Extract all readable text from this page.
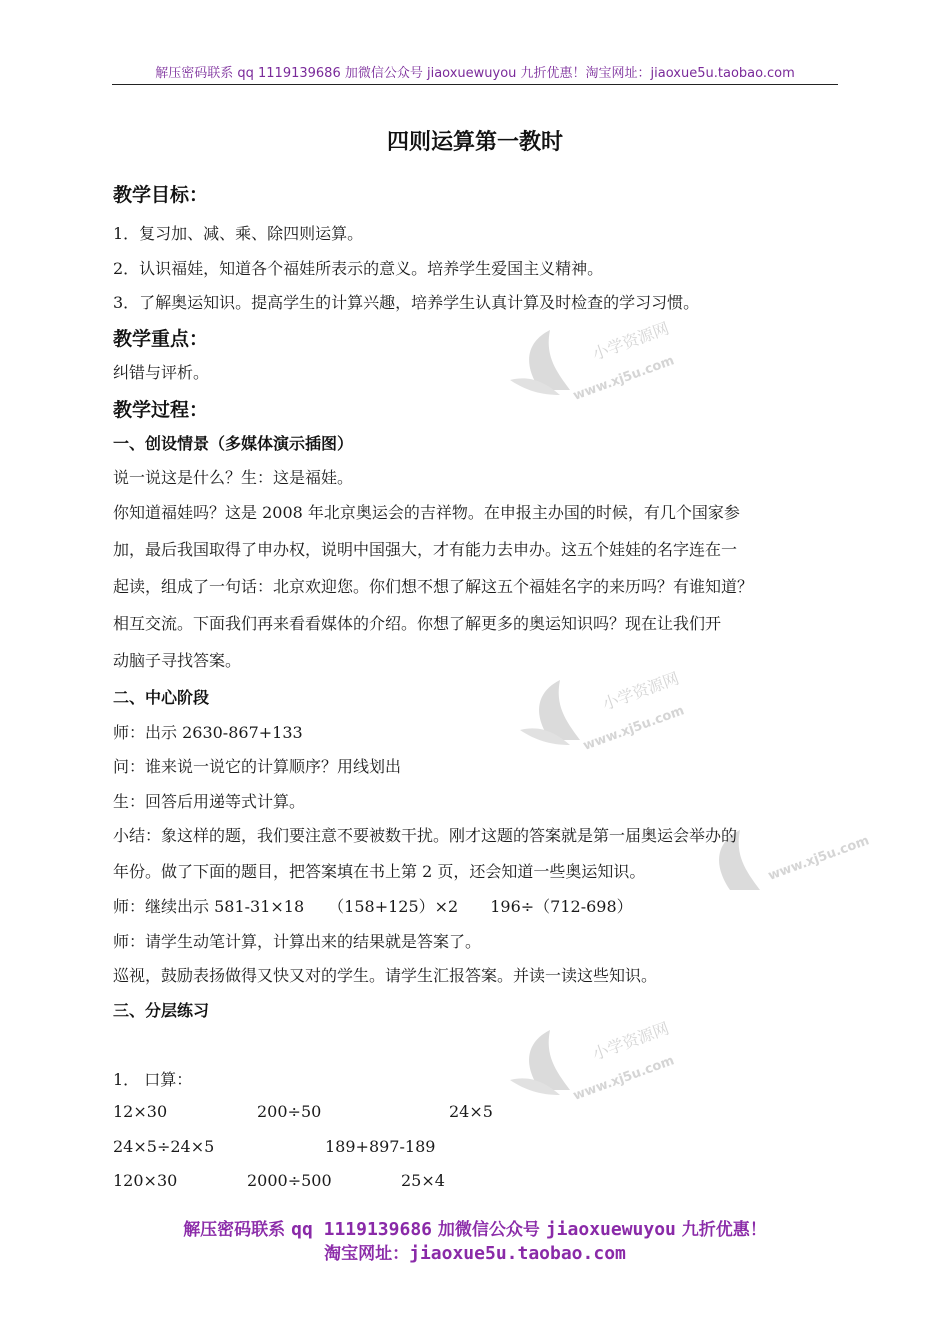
解压密码联系 qq 1119139686 加微信公众号 jiaoxuewuyou 九折优惠！淘宝网址：jiaoxue5u.taobao.com
四则运算第一教时
小学资源网
www.xj5u.com
小学资源网
www.xj5u.com
小学资源网
www.xj5u.com
www.xj5u.com
教学目标：
1．复习加、减、乘、除四则运算。
2．认识福娃，知道各个福娃所表示的意义。培养学生爱国主义精神。
3．了解奥运知识。提高学生的计算兴趣，培养学生认真计算及时检查的学习习惯。
教学重点：
纠错与评析。
教学过程：
一、创设情景（多媒体演示插图）
说一说这是什么？生：这是福娃。
你知道福娃吗？这是 2008 年北京奥运会的吉祥物。在申报主办国的时候，有几个国家参
加，最后我国取得了申办权，说明中国强大，才有能力去申办。这五个娃娃的名字连在一
起读，组成了一句话：北京欢迎您。你们想不想了解这五个福娃名字的来历吗？有谁知道？
相互交流。下面我们再来看看媒体的介绍。你想了解更多的奥运知识吗？现在让我们开
动脑子寻找答案。
二、中心阶段
师：出示 2630-867+133
问：谁来说一说它的计算顺序？用线划出
生：回答后用递等式计算。
小结：象这样的题，我们要注意不要被数干扰。刚才这题的答案就是第一届奥运会举办的
年份。做了下面的题目，把答案填在书上第 2 页，还会知道一些奥运知识。
师：继续出示 581-31×18　　（158+125）×2　　196÷（712-698）
师：请学生动笔计算，计算出来的结果就是答案了。
巡视，鼓励表扬做得又快又对的学生。请学生汇报答案。并读一读这些知识。
三、分层练习
1． 口算：
12×30	200÷50	24×5
24×5÷24×5	189+897-189
120×30	2000÷500	25×4
解压密码联系 qq 1119139686 加微信公众号 jiaoxuewuyou 九折优惠！
淘宝网址：jiaoxue5u.taobao.com
